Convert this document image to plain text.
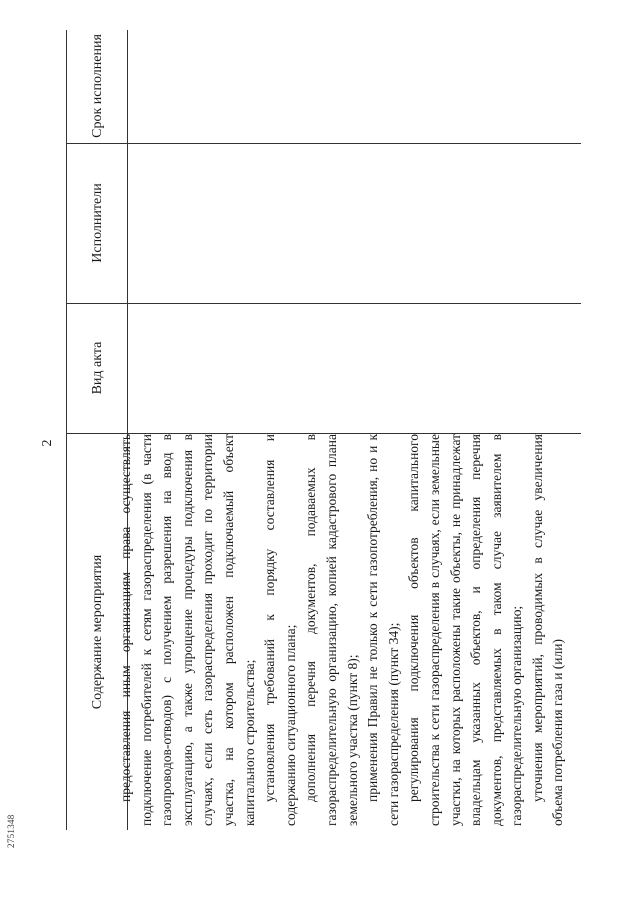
2
Содержание мероприятия
Вид акта
Исполнители
Срок исполнения

предоставления иным организациям права осуществлять подключение потребителей к сетям газораспределения (в части газопроводов-отводов) с получением разрешения на ввод в эксплуатацию, а также упрощение процедуры подключения в случаях, если сеть газораспределения проходит по территории участка, на котором расположен подключаемый объект капитального строительства; установления требований к порядку составления и содержанию ситуационного плана; дополнения перечня документов, подаваемых в газораспределительную организацию, копией кадастрового плана земельного участка (пункт 8); применения Правил не только к сети газопотребления, но и к сети газораспределения (пункт 34); регулирования подключения объектов капитального строительства к сети газораспределения в случаях, если земельные участки, на которых расположены такие объекты, не принадлежат владельцам указанных объектов, и определения перечня документов, представляемых в таком случае заявителем в газораспределительную организацию; уточнения мероприятий, проводимых в случае увеличения объема потребления газа и (или)

2751348
